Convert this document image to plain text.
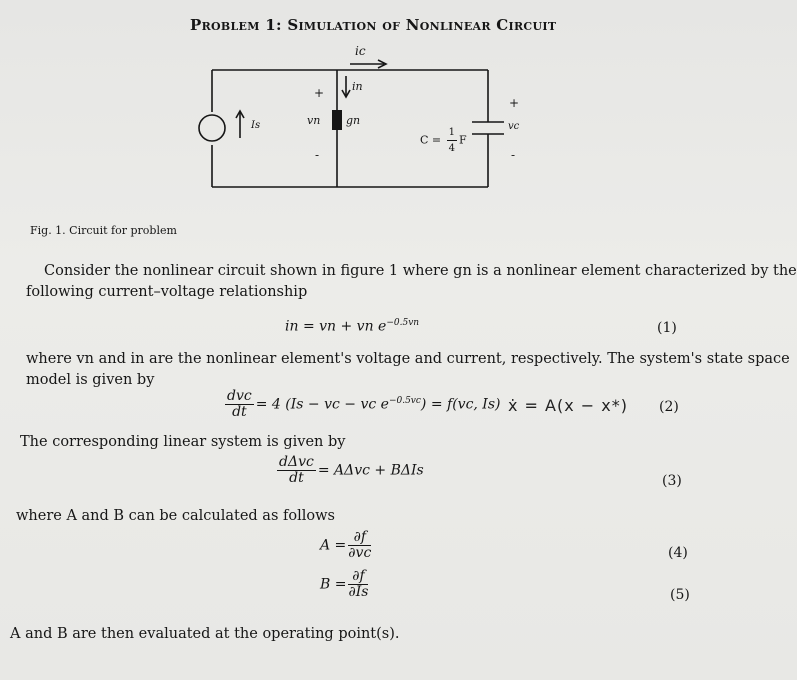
Problem 1: Simulation of Nonlinear Circuit
ic
in
Is
+
vn
-
gn
$C = \frac{1}{4}$ F
+
vc
-
Fig. 1. Circuit for problem
Consider the nonlinear circuit shown in figure 1 where gn is a nonlinear element characterized by the
following current–voltage relationship
in = vn + vn $e^{-0.5vn}$	(1)
where vn and in are the nonlinear element's voltage and current, respectively. The system's state space
model is given by
$\frac{\text{dvc}}{dt} = 4$ (Is − vc − vc $e^{-0.5vc}) = f(vc$, Is) ẋ = A(x − x*) (2)
The corresponding linear system is given by
$\frac{\text{dΔvc}}{dt} = A\Delta vc + B\Delta Is$
(3)
where A and B can be calculated as follows
$A = \frac{\partial f}{\partial vc}$	(4)
$B = \frac{\partial f}{\partial Is}$	(5)
A and B are then evaluated at the operating point(s).
